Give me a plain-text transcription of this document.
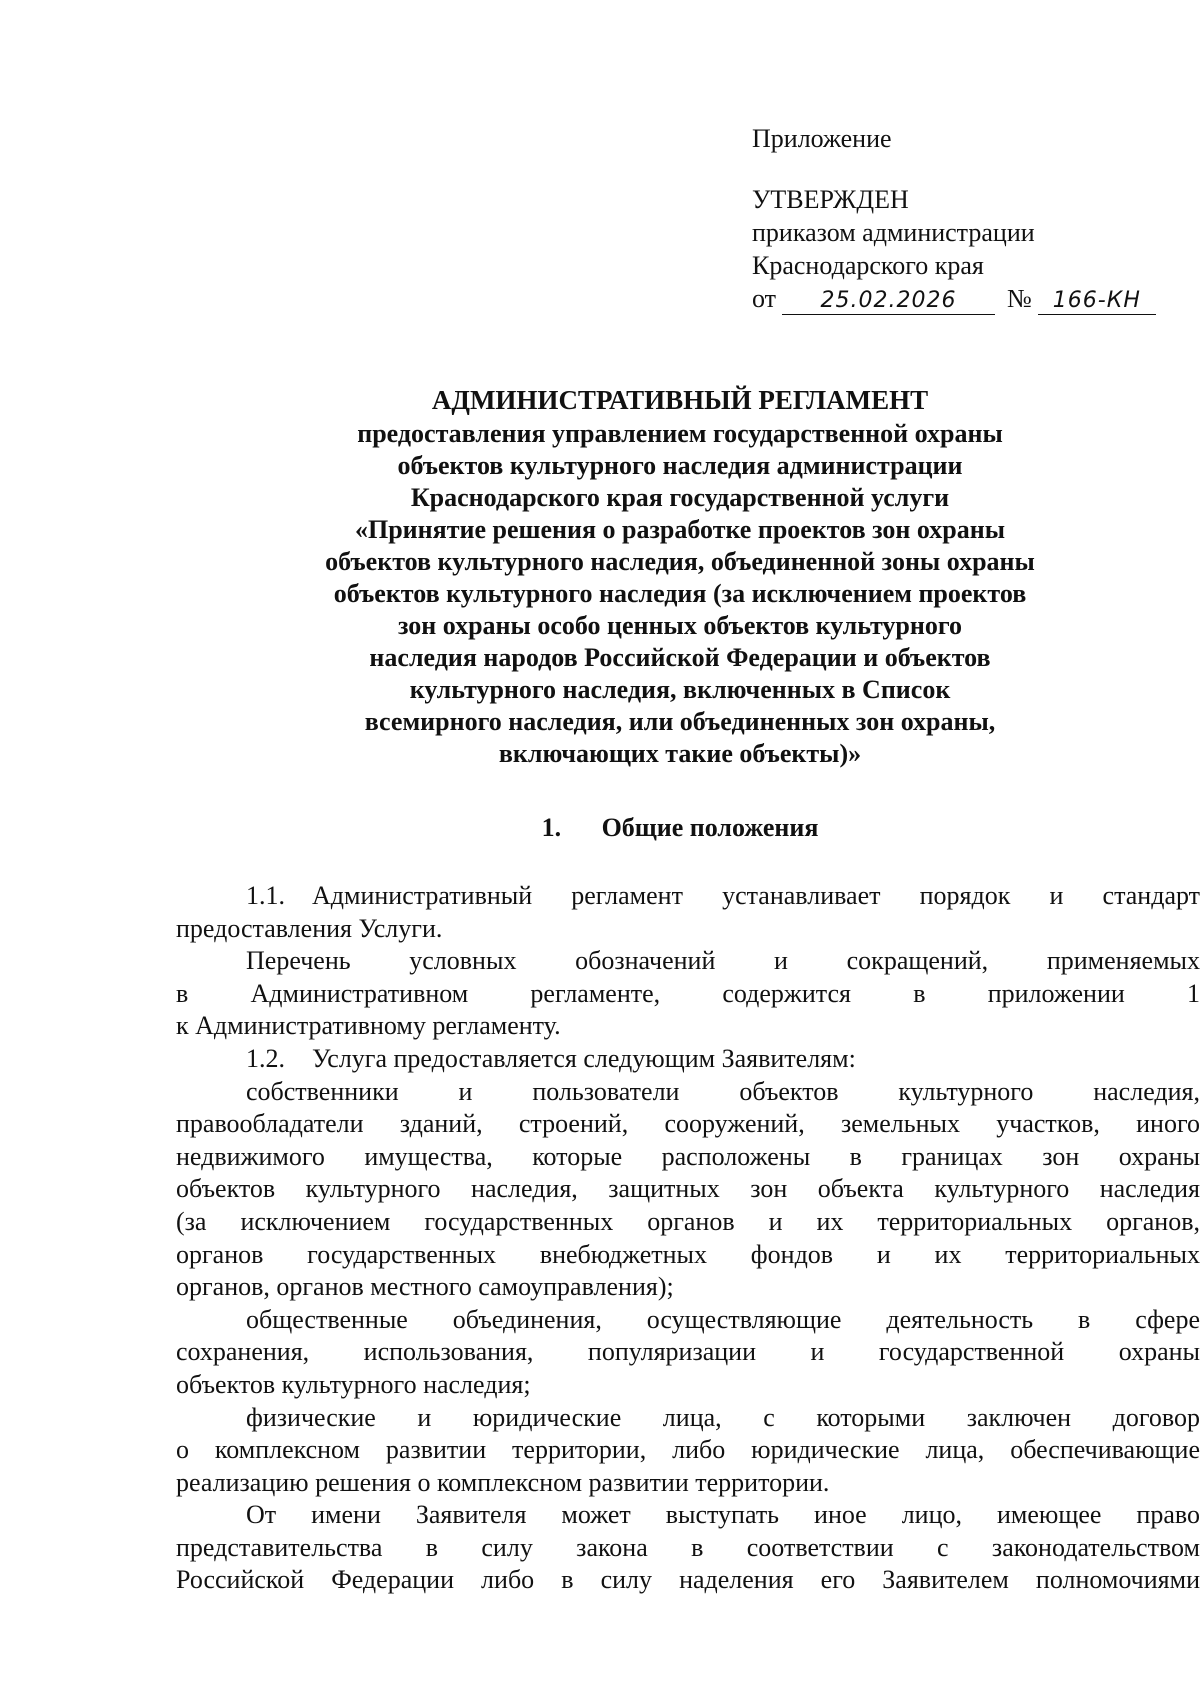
Приложение
УТВЕРЖДЕН
приказом администрации
Краснодарского края
от 25.02.2026 № 166-КН
АДМИНИСТРАТИВНЫЙ РЕГЛАМЕНТ
предоставления управлением государственной охраны
объектов культурного наследия администрации
Краснодарского края государственной услуги
«Принятие решения о разработке проектов зон охраны
объектов культурного наследия, объединенной зоны охраны
объектов культурного наследия (за исключением проектов
зон охраны особо ценных объектов культурного
наследия народов Российской Федерации и объектов
культурного наследия, включенных в Список
всемирного наследия, или объединенных зон охраны,
включающих такие объекты)»
1. Общие положения
1.1. Административный регламент устанавливает порядок и стандарт
предоставления Услуги.
Перечень условных обозначений и сокращений, применяемых
в Административном регламенте, содержится в приложении 1
к Административному регламенту.
1.2. Услуга предоставляется следующим Заявителям:
собственники и пользователи объектов культурного наследия,
правообладатели зданий, строений, сооружений, земельных участков, иного
недвижимого имущества, которые расположены в границах зон охраны
объектов культурного наследия, защитных зон объекта культурного наследия
(за исключением государственных органов и их территориальных органов,
органов государственных внебюджетных фондов и их территориальных
органов, органов местного самоуправления);
общественные объединения, осуществляющие деятельность в сфере
сохранения, использования, популяризации и государственной охраны
объектов культурного наследия;
физические и юридические лица, с которыми заключен договор
о комплексном развитии территории, либо юридические лица, обеспечивающие
реализацию решения о комплексном развитии территории.
От имени Заявителя может выступать иное лицо, имеющее право
представительства в силу закона в соответствии с законодательством
Российской Федерации либо в силу наделения его Заявителем полномочиями
